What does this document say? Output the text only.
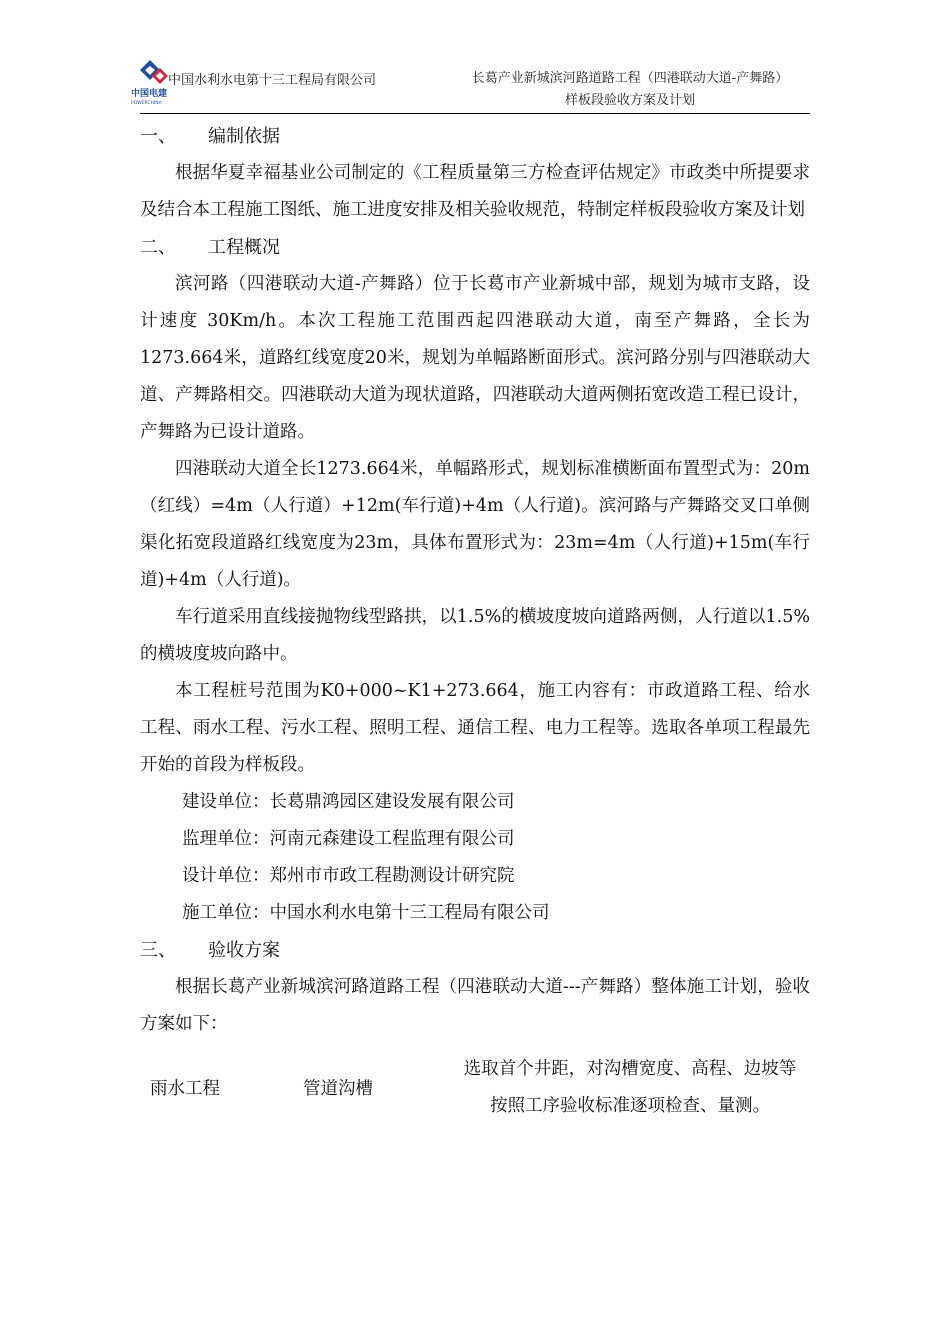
中国电建
POWERCHINA
中国水利水电第十三工程局有限公司	长葛产业新城滨河路道路工程（四港联动大道-产舞路）
样板段验收方案及计划
一、 编制依据

根据华夏幸福基业公司制定的《工程质量第三方检查评估规定》市政类中所提要求及结合本工程施工图纸、施工进度安排及相关验收规范，特制定样板段验收方案及计划

二、 工程概况

滨河路（四港联动大道-产舞路）位于长葛市产业新城中部，规划为城市支路，设计速度 30Km/h。本次工程施工范围西起四港联动大道，南至产舞路，全长为1273.664米，道路红线宽度20米，规划为单幅路断面形式。滨河路分别与四港联动大道、产舞路相交。四港联动大道为现状道路，四港联动大道两侧拓宽改造工程已设计，产舞路为已设计道路。

四港联动大道全长1273.664米，单幅路形式，规划标准横断面布置型式为：20m（红线）=4m（人行道）+12m(车行道)+4m（人行道)。滨河路与产舞路交叉口单侧渠化拓宽段道路红线宽度为23m，具体布置形式为：23m=4m（人行道)+15m(车行道)+4m（人行道)。

车行道采用直线接抛物线型路拱，以1.5%的横坡度坡向道路两侧，人行道以1.5%的横坡度坡向路中。

本工程桩号范围为K0+000~K1+273.664，施工内容有：市政道路工程、给水工程、雨水工程、污水工程、照明工程、通信工程、电力工程等。选取各单项工程最先开始的首段为样板段。

建设单位：长葛鼎鸿园区建设发展有限公司
监理单位：河南元森建设工程监理有限公司
设计单位：郑州市市政工程勘测设计研究院
施工单位：中国水利水电第十三工程局有限公司
三、 验收方案

根据长葛产业新城滨河路道路工程（四港联动大道---产舞路）整体施工计划，验收方案如下：

雨水工程	管道沟槽
选取首个井距，对沟槽宽度、高程、边坡等
按照工序验收标准逐项检查、量测。
